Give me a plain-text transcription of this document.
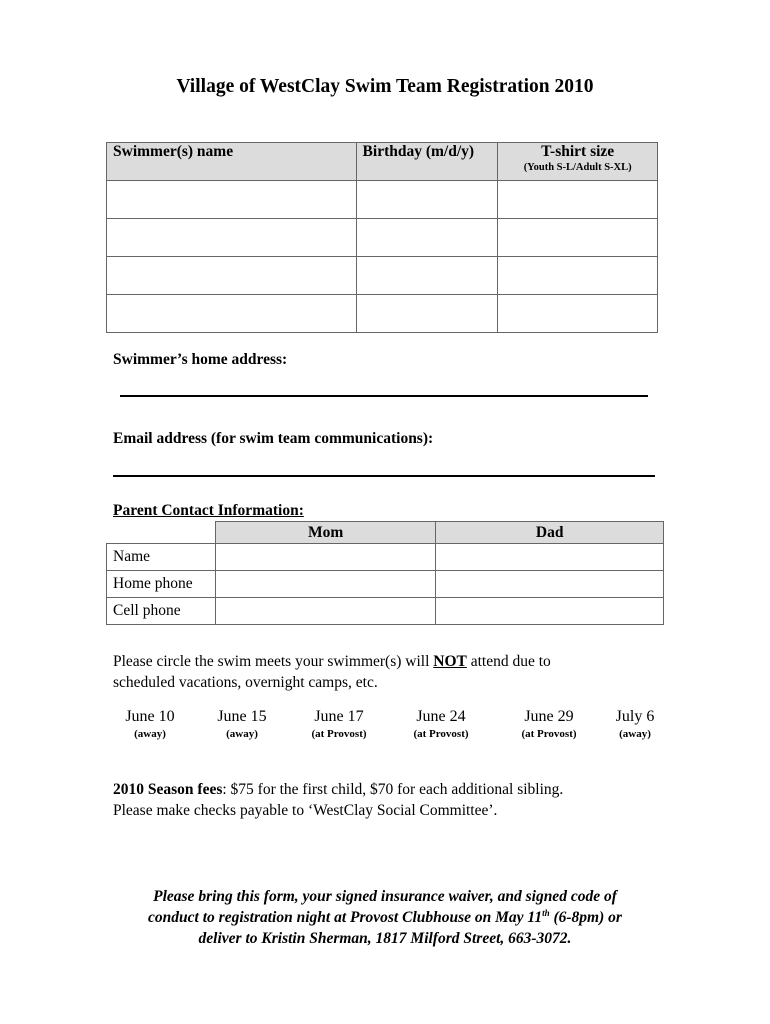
Village of WestClay Swim Team Registration 2010
Swimmer(s) name	Birthday (m/d/y)	T-shirt size
(Youth S-L/Adult S-XL)

Swimmer’s home address:
Email address (for swim team communications):
Parent Contact Information:
	Mom	Dad
Name		
Home phone		
Cell phone		
Please circle the swim meets your swimmer(s) will NOT attend due to
scheduled vacations, overnight camps, etc.
June 10
(away)
June 15
(away)
June 17
(at Provost)
June 24
(at Provost)
June 29
(at Provost)
July 6
(away)
2010 Season fees: $75 for the first child, $70 for each additional sibling.
Please make checks payable to ‘WestClay Social Committee’.
Please bring this form, your signed insurance waiver, and signed code of
conduct to registration night at Provost Clubhouse on May 11th (6-8pm) or
deliver to Kristin Sherman, 1817 Milford Street, 663-3072.
